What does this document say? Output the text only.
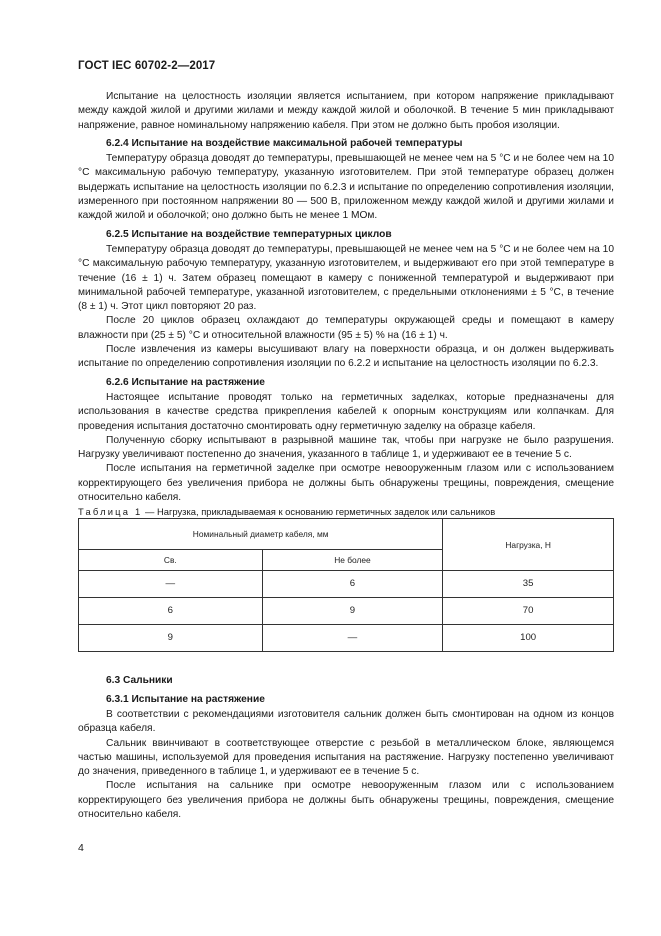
ГОСТ IEC 60702-2—2017

Испытание на целостность изоляции является испытанием, при котором напряжение прикладывают между каждой жилой и другими жилами и между каждой жилой и оболочкой. В течение 5 мин прикладывают напряжение, равное номинальному напряжению кабеля. При этом не должно быть пробоя изоляции.

6.2.4 Испытание на воздействие максимальной рабочей температуры

Температуру образца доводят до температуры, превышающей не менее чем на 5 °С и не более чем на 10 °С максимальную рабочую температуру, указанную изготовителем. При этой температуре образец должен выдержать испытание на целостность изоляции по 6.2.3 и испытание по определению сопротивления изоляции, измеренного при постоянном напряжении 80 — 500 В, приложенном между каждой жилой и другими жилами и каждой жилой и оболочкой; оно должно быть не менее 1 МОм.

6.2.5 Испытание на воздействие температурных циклов

Температуру образца доводят до температуры, превышающей не менее чем на 5 °С и не более чем на 10 °С максимальную рабочую температуру, указанную изготовителем, и выдерживают его при этой температуре в течение (16 ± 1) ч. Затем образец помещают в камеру с пониженной температурой и выдерживают при минимальной рабочей температуре, указанной изготовителем, с предельными отклонениями ± 5 °С, в течение (8 ± 1) ч. Этот цикл повторяют 20 раз.

После 20 циклов образец охлаждают до температуры окружающей среды и помещают в камеру влажности при (25 ± 5) °С и относительной влажности (95 ± 5) % на (16 ± 1) ч.

После извлечения из камеры высушивают влагу на поверхности образца, и он должен выдерживать испытание по определению сопротивления изоляции по 6.2.2 и испытание на целостность изоляции по 6.2.3.

6.2.6 Испытание на растяжение

Настоящее испытание проводят только на герметичных заделках, которые предназначены для использования в качестве средства прикрепления кабелей к опорным конструкциям или колпачкам. Для проведения испытания достаточно смонтировать одну герметичную заделку на образце кабеля.

Полученную сборку испытывают в разрывной машине так, чтобы при нагрузке не было разрушения. Нагрузку увеличивают постепенно до значения, указанного в таблице 1, и удерживают ее в течение 5 с.

После испытания на герметичной заделке при осмотре невооруженным глазом или с использованием корректирующего без увеличения прибора не должны быть обнаружены трещины, повреждения, смещение относительно кабеля.

Таблица 1 — Нагрузка, прикладываемая к основанию герметичных заделок или сальников

Номинальный диаметр кабеля, мм		Нагрузка, Н
Св.	Не более	
—	6	35
6	9	70
9	—	100
6.3 Сальники
6.3.1 Испытание на растяжение

В соответствии с рекомендациями изготовителя сальник должен быть смонтирован на одном из концов образца кабеля.

Сальник ввинчивают в соответствующее отверстие с резьбой в металлическом блоке, являющемся частью машины, используемой для проведения испытания на растяжение. Нагрузку постепенно увеличивают до значения, приведенного в таблице 1, и удерживают ее в течение 5 с.

После испытания на сальнике при осмотре невооруженным глазом или с использованием корректирующего без увеличения прибора не должны быть обнаружены трещины, повреждения, смещение относительно кабеля.

4
